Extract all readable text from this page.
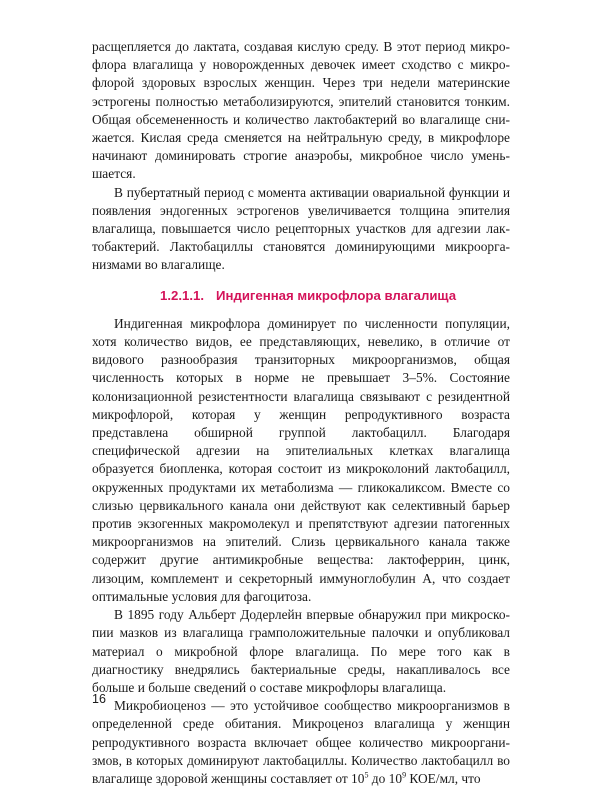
расщепляется до лактата, создавая кислую среду. В этот период микрофлора влагалища у новорожденных девочек имеет сходство с микрофлорой здоровых взрослых женщин. Через три недели материнские эстрогены полностью метаболизируются, эпителий становится тонким. Общая обсемененность и количество лактобактерий во влагалище снижается. Кислая среда сменяется на нейтральную среду, в микрофлоре начинают доминировать строгие анаэробы, микробное число уменьшается.

В пубертатный период с момента активации овариальной функции и появления эндогенных эстрогенов увеличивается толщина эпителия влагалища, повышается число рецепторных участков для адгезии лактобактерий. Лактобациллы становятся доминирующими микроорганизмами во влагалище.

1.2.1.1. Индигенная микрофлора влагалища

Индигенная микрофлора доминирует по численности популяции, хотя количество видов, ее представляющих, невелико, в отличие от видового разнообразия транзиторных микроорганизмов, общая численность которых в норме не превышает 3–5%. Состояние колонизационной резистентности влагалища связывают с резидентной микрофлорой, которая у женщин репродуктивного возраста представлена обширной группой лактобацилл. Благодаря специфической адгезии на эпителиальных клетках влагалища образуется биопленка, которая состоит из микроколоний лактобацилл, окруженных продуктами их метаболизма — гликокаликсом. Вместе со слизью цервикального канала они действуют как селективный барьер против экзогенных макромолекул и препятствуют адгезии патогенных микроорганизмов на эпителий. Слизь цервикального канала также содержит другие антимикробные вещества: лактоферрин, цинк, лизоцим, комплемент и секреторный иммуноглобулин А, что создает оптимальные условия для фагоцитоза.

В 1895 году Альберт Додерлейн впервые обнаружил при микроскопии мазков из влагалища грамположительные палочки и опубликовал материал о микробной флоре влагалища. По мере того как в диагностику внедрялись бактериальные среды, накапливалось все больше и больше сведений о составе микрофлоры влагалища.

Микробиоценоз — это устойчивое сообщество микроорганизмов в определенной среде обитания. Микроценоз влагалища у женщин репродуктивного возраста включает общее количество микроорганизмов, в которых доминируют лактобациллы. Количество лактобацилл во влагалище здоровой женщины составляет от $10^5$ до $10^9$ КОЕ/мл, что

16
